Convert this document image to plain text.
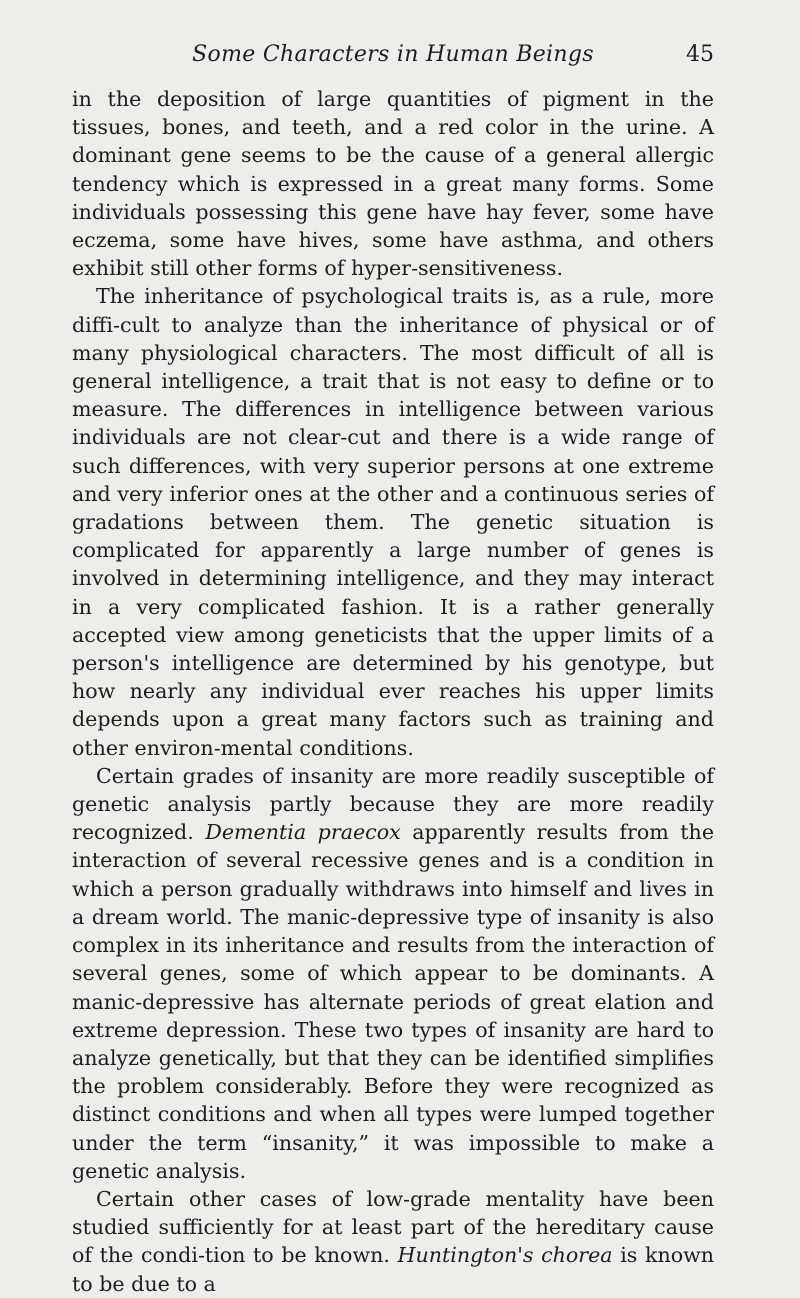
Some Characters in Human Beings	45

in the deposition of large quantities of pigment in the tissues, bones, and teeth, and a red color in the urine. A dominant gene seems to be the cause of a general allergic tendency which is expressed in a great many forms. Some individuals possessing this gene have hay fever, some have eczema, some have hives, some have asthma, and others exhibit still other forms of hyper-sensitiveness.

The inheritance of psychological traits is, as a rule, more diffi-cult to analyze than the inheritance of physical or of many physiological characters. The most difficult of all is general intelligence, a trait that is not easy to define or to measure. The differences in intelligence between various individuals are not clear-cut and there is a wide range of such differences, with very superior persons at one extreme and very inferior ones at the other and a continuous series of gradations between them. The genetic situation is complicated for apparently a large number of genes is involved in determining intelligence, and they may interact in a very complicated fashion. It is a rather generally accepted view among geneticists that the upper limits of a person's intelligence are determined by his genotype, but how nearly any individual ever reaches his upper limits depends upon a great many factors such as training and other environ-mental conditions.

Certain grades of insanity are more readily susceptible of genetic analysis partly because they are more readily recognized. Dementia praecox apparently results from the interaction of several recessive genes and is a condition in which a person gradually withdraws into himself and lives in a dream world. The manic-depressive type of insanity is also complex in its inheritance and results from the interaction of several genes, some of which appear to be dominants. A manic-depressive has alternate periods of great elation and extreme depression. These two types of insanity are hard to analyze genetically, but that they can be identified simplifies the problem considerably. Before they were recognized as distinct conditions and when all types were lumped together under the term “insanity,” it was impossible to make a genetic analysis.

Certain other cases of low-grade mentality have been studied sufficiently for at least part of the hereditary cause of the condi-tion to be known. Huntington's chorea is known to be due to a
